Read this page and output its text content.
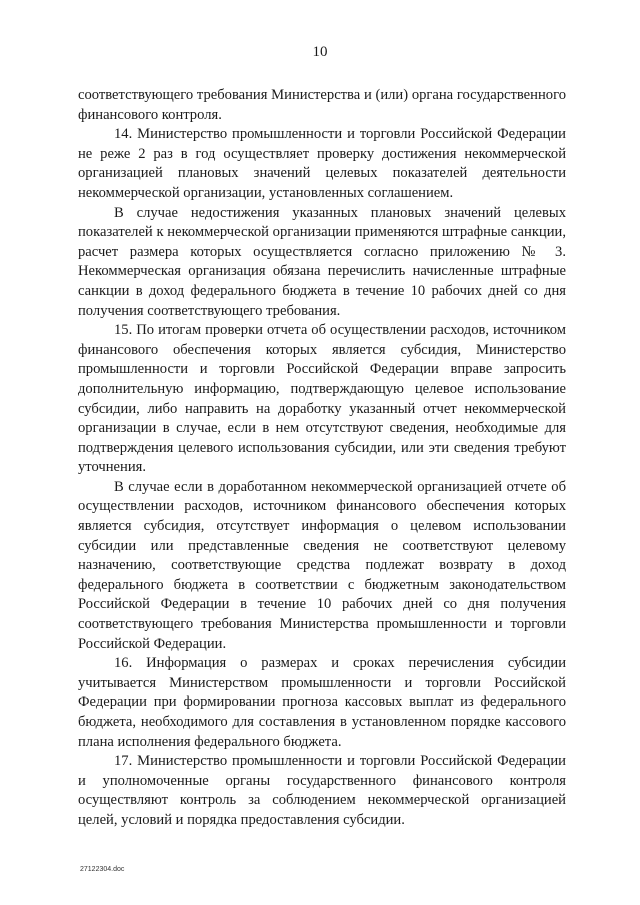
10

соответствующего требования Министерства и (или) органа государственного финансового контроля.

14. Министерство промышленности и торговли Российской Федерации не реже 2 раз в год осуществляет проверку достижения некоммерческой организацией плановых значений целевых показателей деятельности некоммерческой организации, установленных соглашением.

В случае недостижения указанных плановых значений целевых показателей к некоммерческой организации применяются штрафные санкции, расчет размера которых осуществляется согласно приложению № 3. Некоммерческая организация обязана перечислить начисленные штрафные санкции в доход федерального бюджета в течение 10 рабочих дней со дня получения соответствующего требования.

15. По итогам проверки отчета об осуществлении расходов, источником финансового обеспечения которых является субсидия, Министерство промышленности и торговли Российской Федерации вправе запросить дополнительную информацию, подтверждающую целевое использование субсидии, либо направить на доработку указанный отчет некоммерческой организации в случае, если в нем отсутствуют сведения, необходимые для подтверждения целевого использования субсидии, или эти сведения требуют уточнения.

В случае если в доработанном некоммерческой организацией отчете об осуществлении расходов, источником финансового обеспечения которых является субсидия, отсутствует информация о целевом использовании субсидии или представленные сведения не соответствуют целевому назначению, соответствующие средства подлежат возврату в доход федерального бюджета в соответствии с бюджетным законодательством Российской Федерации в течение 10 рабочих дней со дня получения соответствующего требования Министерства промышленности и торговли Российской Федерации.

16. Информация о размерах и сроках перечисления субсидии учитывается Министерством промышленности и торговли Российской Федерации при формировании прогноза кассовых выплат из федерального бюджета, необходимого для составления в установленном порядке кассового плана исполнения федерального бюджета.

17. Министерство промышленности и торговли Российской Федерации и уполномоченные органы государственного финансового контроля осуществляют контроль за соблюдением некоммерческой организацией целей, условий и порядка предоставления субсидии.

27122304.doc
